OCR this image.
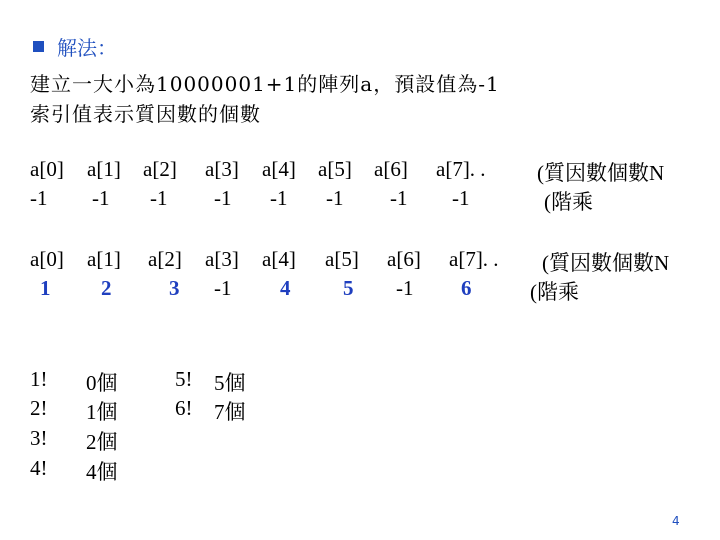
解法：
建立一大小為10000001+1的陣列a，預設值為-1
索引值表示質因數的個數
a[0] a[1] a[2] a[3] a[4] a[5] a[6] a[7]. . (質因數個數N
-1 -1 -1 -1 -1 -1 -1 -1	(階乘
a[0] a[1] a[2] a[3] a[4] a[5] a[6] a[7]. . (質因數個數N
1 2	3 -1 4	5 -1 6	(階乘
1! 0個
2! 1個
3! 2個
4! 4個
5! 5個
6! 7個
4
